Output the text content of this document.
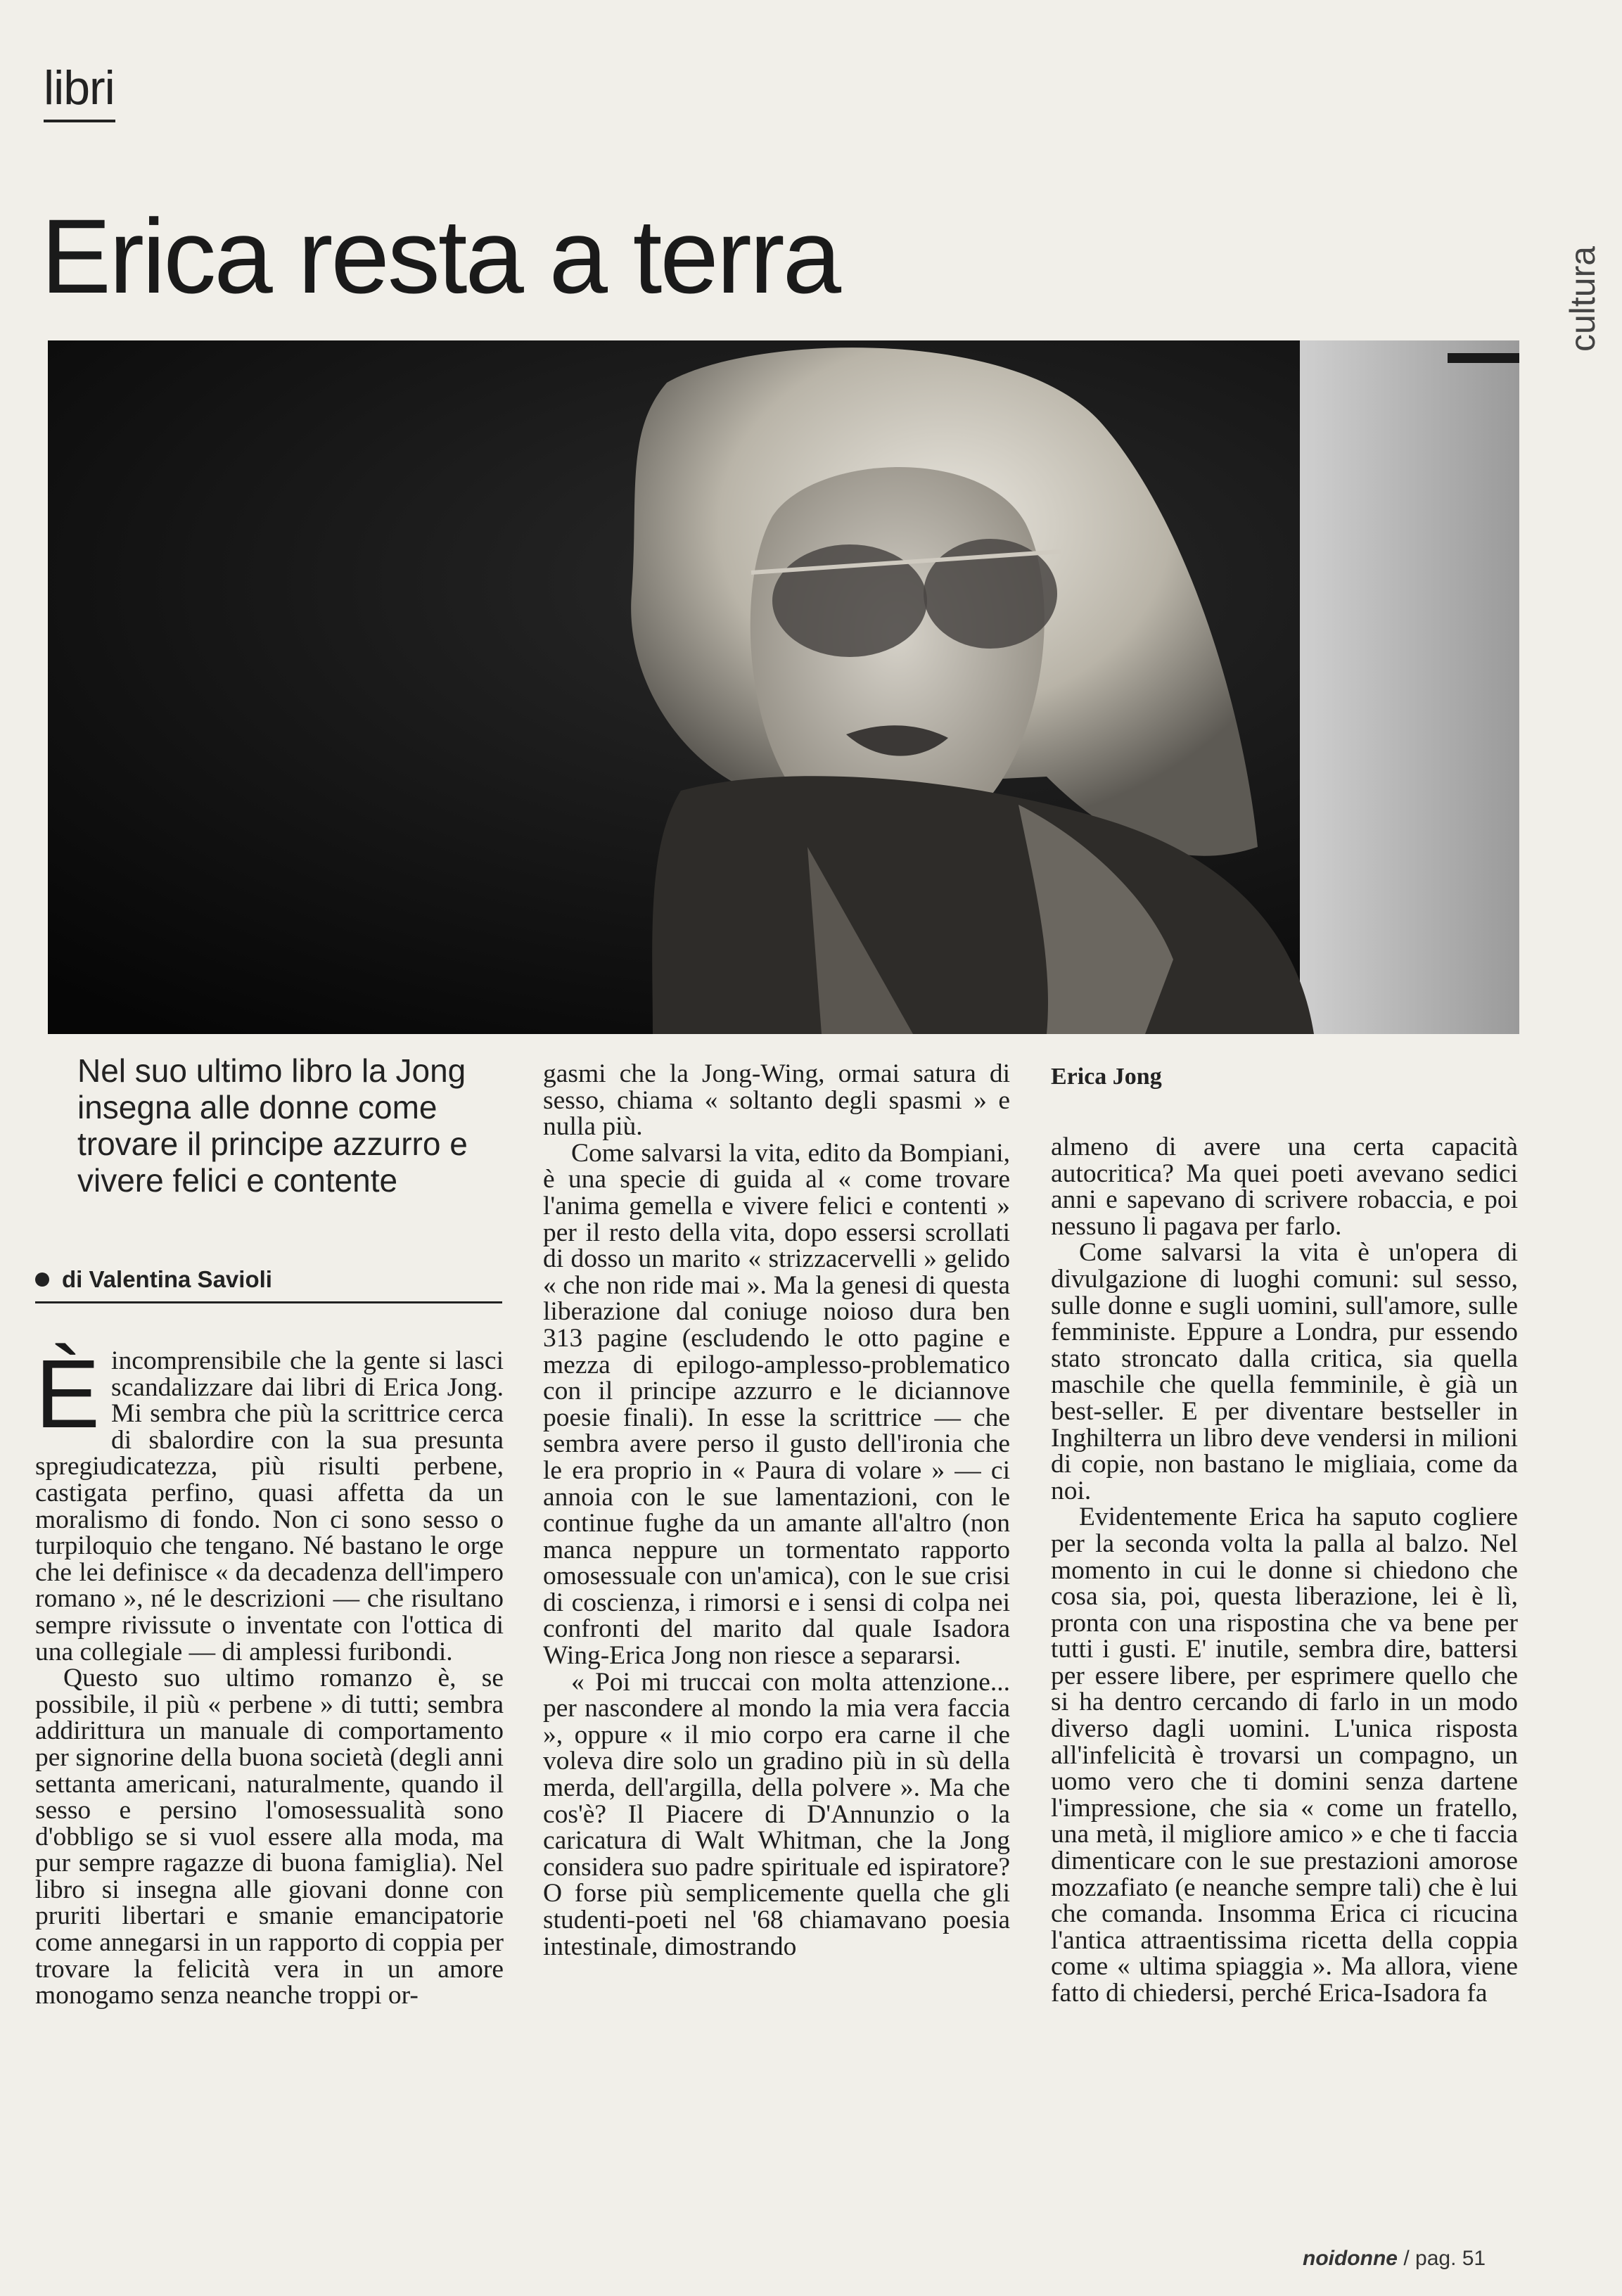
libri
Erica resta a terra	cultura
Nel suo ultimo libro la Jong insegna alle donne come trovare il principe azzurro e vivere felici e contente
di Valentina Savioli
Erica Jong

Èincomprensibile che la gente si lasci scandalizzare dai libri di Erica Jong. Mi sembra che più la scrittrice cerca di sbalordire con la sua presunta spregiudicatezza, più risulti perbene, castigata perfino, quasi affetta da un moralismo di fondo. Non ci sono sesso o turpiloquio che tengano. Né bastano le orge che lei definisce « da decadenza dell'impero romano », né le descrizioni — che risultano sempre rivissute o inventate con l'ottica di una collegiale — di amplessi furibondi.

Questo suo ultimo romanzo è, se possibile, il più « perbene » di tutti; sembra addirittura un manuale di comportamento per signorine della buona società (degli anni settanta americani, naturalmente, quando il sesso e persino l'omosessualità sono d'obbligo se si vuol essere alla moda, ma pur sempre ragazze di buona famiglia). Nel libro si insegna alle giovani donne con pruriti libertari e smanie emancipatorie come annegarsi in un rapporto di coppia per trovare la felicità vera in un amore monogamo senza neanche troppi or-

gasmi che la Jong-Wing, ormai satura di sesso, chiama « soltanto degli spasmi » e nulla più.

Come salvarsi la vita, edito da Bompiani, è una specie di guida al « come trovare l'anima gemella e vivere felici e contenti » per il resto della vita, dopo essersi scrollati di dosso un marito « strizzacervelli » gelido « che non ride mai ». Ma la genesi di questa liberazione dal coniuge noioso dura ben 313 pagine (escludendo le otto pagine e mezza di epilogo-amplesso-problematico con il principe azzurro e le diciannove poesie finali). In esse la scrittrice — che sembra avere perso il gusto dell'ironia che le era proprio in « Paura di volare » — ci annoia con le sue lamentazioni, con le continue fughe da un amante all'altro (non manca neppure un tormentato rapporto omosessuale con un'amica), con le sue crisi di coscienza, i rimorsi e i sensi di colpa nei confronti del marito dal quale Isadora Wing-Erica Jong non riesce a separarsi.

« Poi mi truccai con molta attenzione... per nascondere al mondo la mia vera faccia », oppure « il mio corpo era carne il che voleva dire solo un gradino più in sù della merda, dell'argilla, della polvere ». Ma che cos'è? Il Piacere di D'Annunzio o la caricatura di Walt Whitman, che la Jong considera suo padre spirituale ed ispiratore? O forse più semplicemente quella che gli studenti-poeti nel '68 chiamavano poesia intestinale, dimostrando

almeno di avere una certa capacità autocritica? Ma quei poeti avevano sedici anni e sapevano di scrivere robaccia, e poi nessuno li pagava per farlo.

Come salvarsi la vita è un'opera di divulgazione di luoghi comuni: sul sesso, sulle donne e sugli uomini, sull'amore, sulle femministe. Eppure a Londra, pur essendo stato stroncato dalla critica, sia quella maschile che quella femminile, è già un best-seller. E per diventare bestseller in Inghilterra un libro deve vendersi in milioni di copie, non bastano le migliaia, come da noi.

Evidentemente Erica ha saputo cogliere per la seconda volta la palla al balzo. Nel momento in cui le donne si chiedono che cosa sia, poi, questa liberazione, lei è lì, pronta con una rispostina che va bene per tutti i gusti. E' inutile, sembra dire, battersi per essere libere, per esprimere quello che si ha dentro cercando di farlo in un modo diverso dagli uomini. L'unica risposta all'infelicità è trovarsi un compagno, un uomo vero che ti domini senza dartene l'impressione, che sia « come un fratello, una metà, il migliore amico » e che ti faccia dimenticare con le sue prestazioni amorose mozzafiato (e neanche sempre tali) che è lui che comanda. Insomma Erica ci ricucina l'antica attraentissima ricetta della coppia come « ultima spiaggia ». Ma allora, viene fatto di chiedersi, perché Erica-Isadora fa

noidonne / pag. 51
